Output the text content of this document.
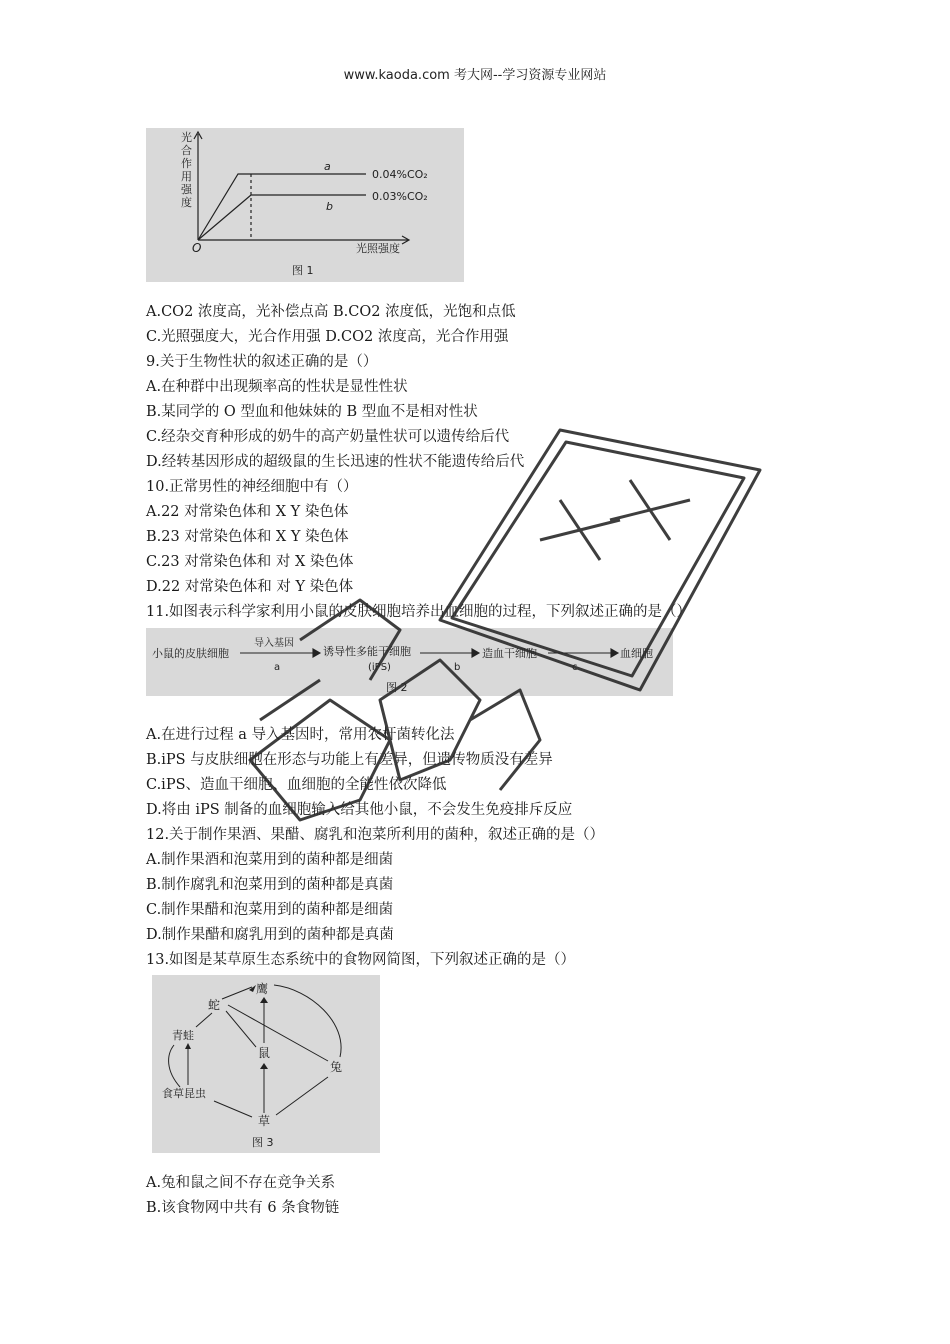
www.kaoda.com 考大网--学习资源专业网站
光
合
作
用
强
度
O	光照强度
a
b
0.04%CO₂
0.03%CO₂
图 1
A.CO2 浓度高，光补偿点高 B.CO2 浓度低，光饱和点低
C.光照强度大，光合作用强 D.CO2 浓度高，光合作用强
9.关于生物性状的叙述正确的是（）
A.在种群中出现频率高的性状是显性性状
B.某同学的 O 型血和他妹妹的 B 型血不是相对性状
C.经杂交育种形成的奶牛的高产奶量性状可以遗传给后代
D.经转基因形成的超级鼠的生长迅速的性状不能遗传给后代
10.正常男性的神经细胞中有（）
A.22 对常染色体和 X Y 染色体
B.23 对常染色体和 X Y 染色体
C.23 对常染色体和 对 X 染色体
D.22 对常染色体和 对 Y 染色体
11.如图表示科学家利用小鼠的皮肤细胞培养出血细胞的过程，下列叙述正确的是（）
小鼠的皮肤细胞
导入基因
a
诱导性多能干细胞
(iPS)	b
造血干细胞
c
血细胞
图 2
A.在进行过程 a 导入基因时，常用农杆菌转化法
B.iPS 与皮肤细胞在形态与功能上有差异，但遗传物质没有差异
C.iPS、造血干细胞、血细胞的全能性依次降低
D.将由 iPS 制备的血细胞输入给其他小鼠，不会发生免疫排斥反应
12.关于制作果酒、果醋、腐乳和泡菜所利用的菌种，叙述正确的是（）
A.制作果酒和泡菜用到的菌种都是细菌
B.制作腐乳和泡菜用到的菌种都是真菌
C.制作果醋和泡菜用到的菌种都是细菌
D.制作果醋和腐乳用到的菌种都是真菌
13.如图是某草原生态系统中的食物网简图，下列叙述正确的是（）
鹰
蛇
青蛙
鼠
兔
食草昆虫
草
图 3
A.兔和鼠之间不存在竞争关系
B.该食物网中共有 6 条食物链
